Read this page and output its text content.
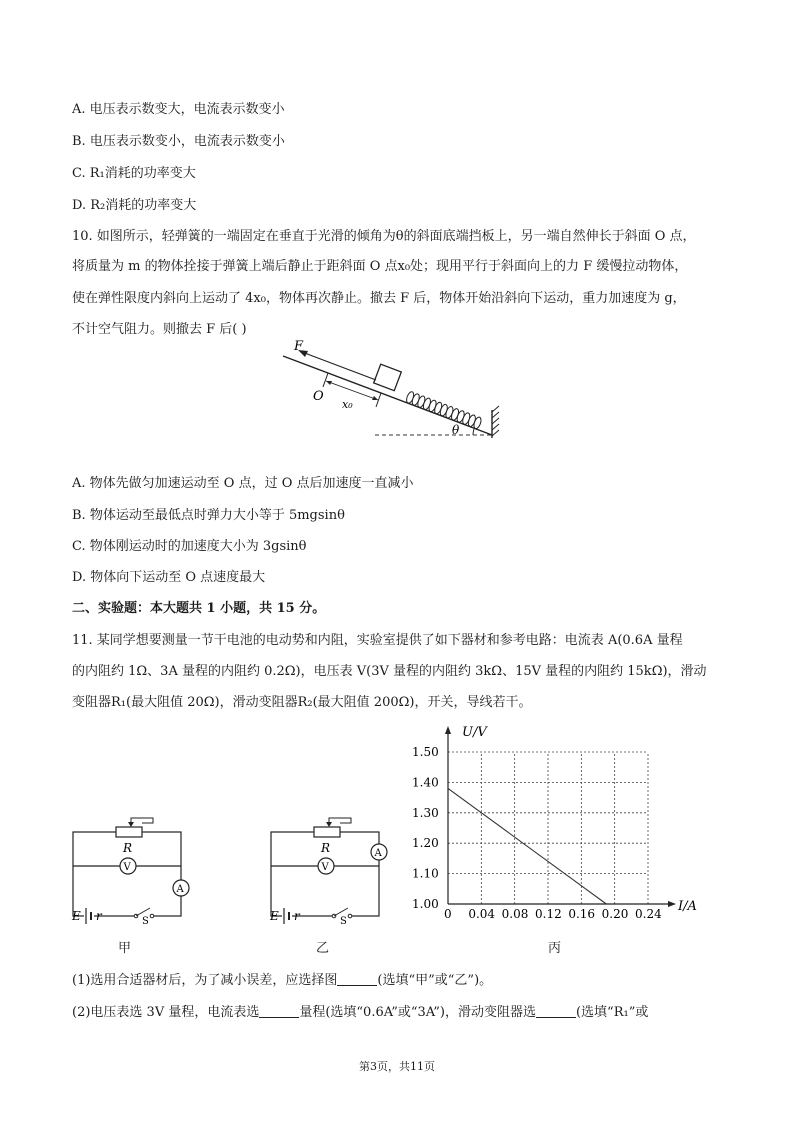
A. 电压表示数变大，电流表示数变小
B. 电压表示数变小，电流表示数变小
C. R₁消耗的功率变大
D. R₂消耗的功率变大
10. 如图所示，轻弹簧的一端固定在垂直于光滑的倾角为θ的斜面底端挡板上，另一端自然伸长于斜面 O 点，
将质量为 m 的物体拴接于弹簧上端后静止于距斜面 O 点x₀处；现用平行于斜面向上的力 F 缓慢拉动物体，
使在弹性限度内斜向上运动了 4x₀，物体再次静止。撤去 F 后，物体开始沿斜向下运动，重力加速度为 g，
不计空气阻力。则撤去 F 后( )
F
O
x₀
θ
A. 物体先做匀加速运动至 O 点，过 O 点后加速度一直减小
B. 物体运动至最低点时弹力大小等于 5mgsinθ
C. 物体刚运动时的加速度大小为 3gsinθ
D. 物体向下运动至 O 点速度最大
二、实验题：本大题共 1 小题，共 15 分。
11. 某同学想要测量一节干电池的电动势和内阻，实验室提供了如下器材和参考电路：电流表 A(0.6A 量程
的内阻约 1Ω、3A 量程的内阻约 0.2Ω)，电压表 V(3V 量程的内阻约 3kΩ、15V 量程的内阻约 15kΩ)，滑动
变阻器R₁(最大阻值 20Ω)，滑动变阻器R₂(最大阻值 200Ω)，开关，导线若干。
R
V
A
E r	S
R
V
A
E r	S
0 0.04 0.08 0.12 0.16 0.20 0.24
1.00
1.10
1.20
1.30
1.40
1.50
I/A
U/V
甲	乙	丙
(1)选用合适器材后，为了减小误差，应选择图	(选填“甲”或“乙”)。
(2)电压表选 3V 量程，电流表选	量程(选填“0.6A”或“3A”)，滑动变阻器选	(选填“R₁”或
第3页，共11页
